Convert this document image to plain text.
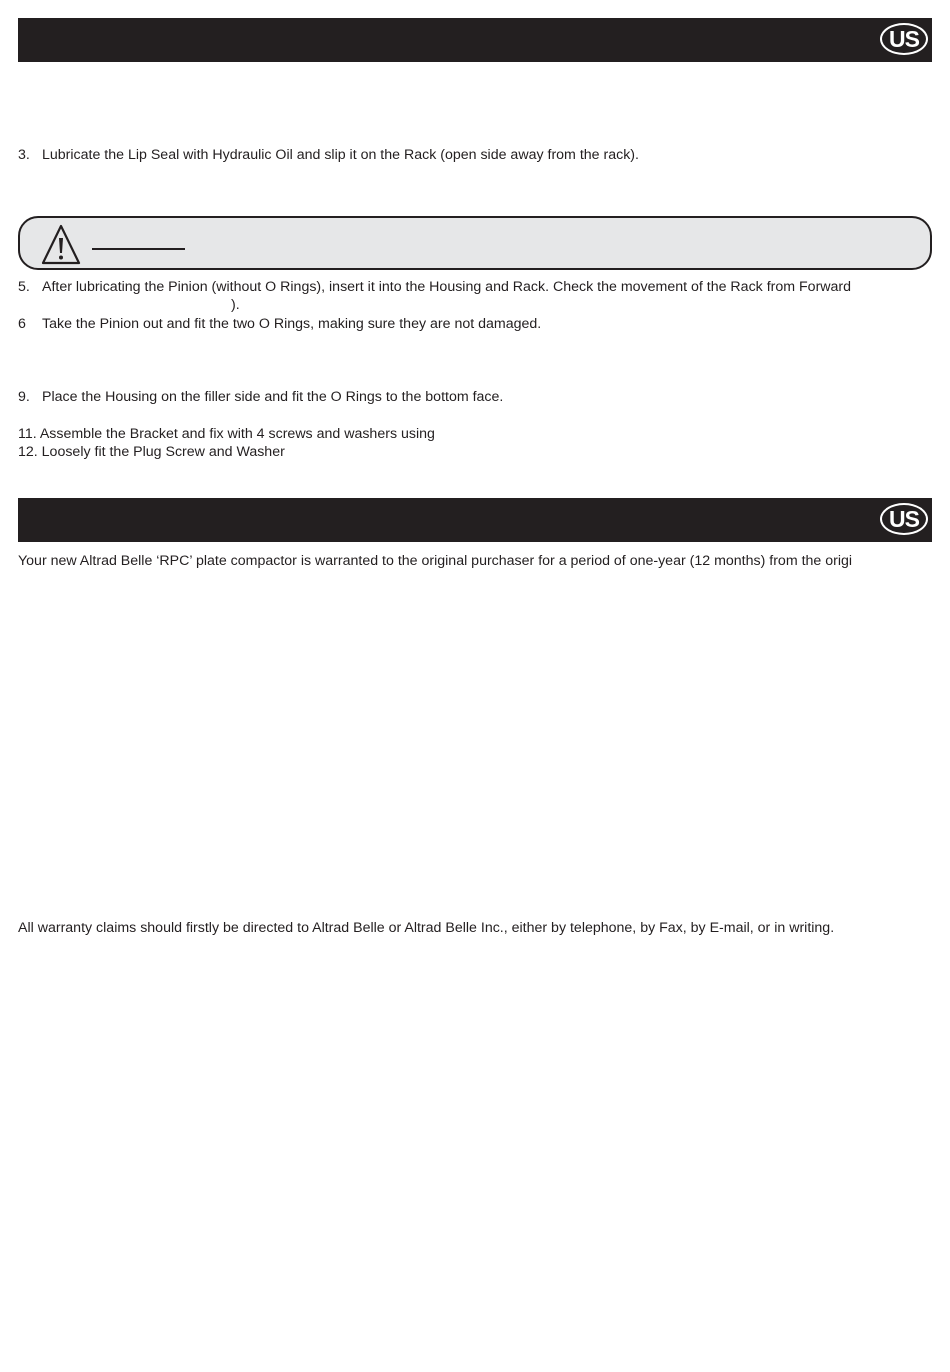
US
3. Lubricate the Lip Seal with Hydraulic Oil and slip it on the Rack (open side away from the rack).
5. After lubricating the Pinion (without O Rings), insert it into the Housing and Rack. Check the movement of the Rack from Forward
).
6 Take the Pinion out and fit the two O Rings, making sure they are not damaged.
9. Place the Housing on the filler side and fit the O Rings to the bottom face.
11. Assemble the Bracket and fix with 4 screws and washers using
12. Loosely fit the Plug Screw and Washer
US
Your new Altrad Belle ‘RPC’ plate compactor is warranted to the original purchaser for a period of one-year (12 months) from the origi
All warranty claims should firstly be directed to Altrad Belle or Altrad Belle Inc., either by telephone, by Fax, by E-mail, or in writing.
